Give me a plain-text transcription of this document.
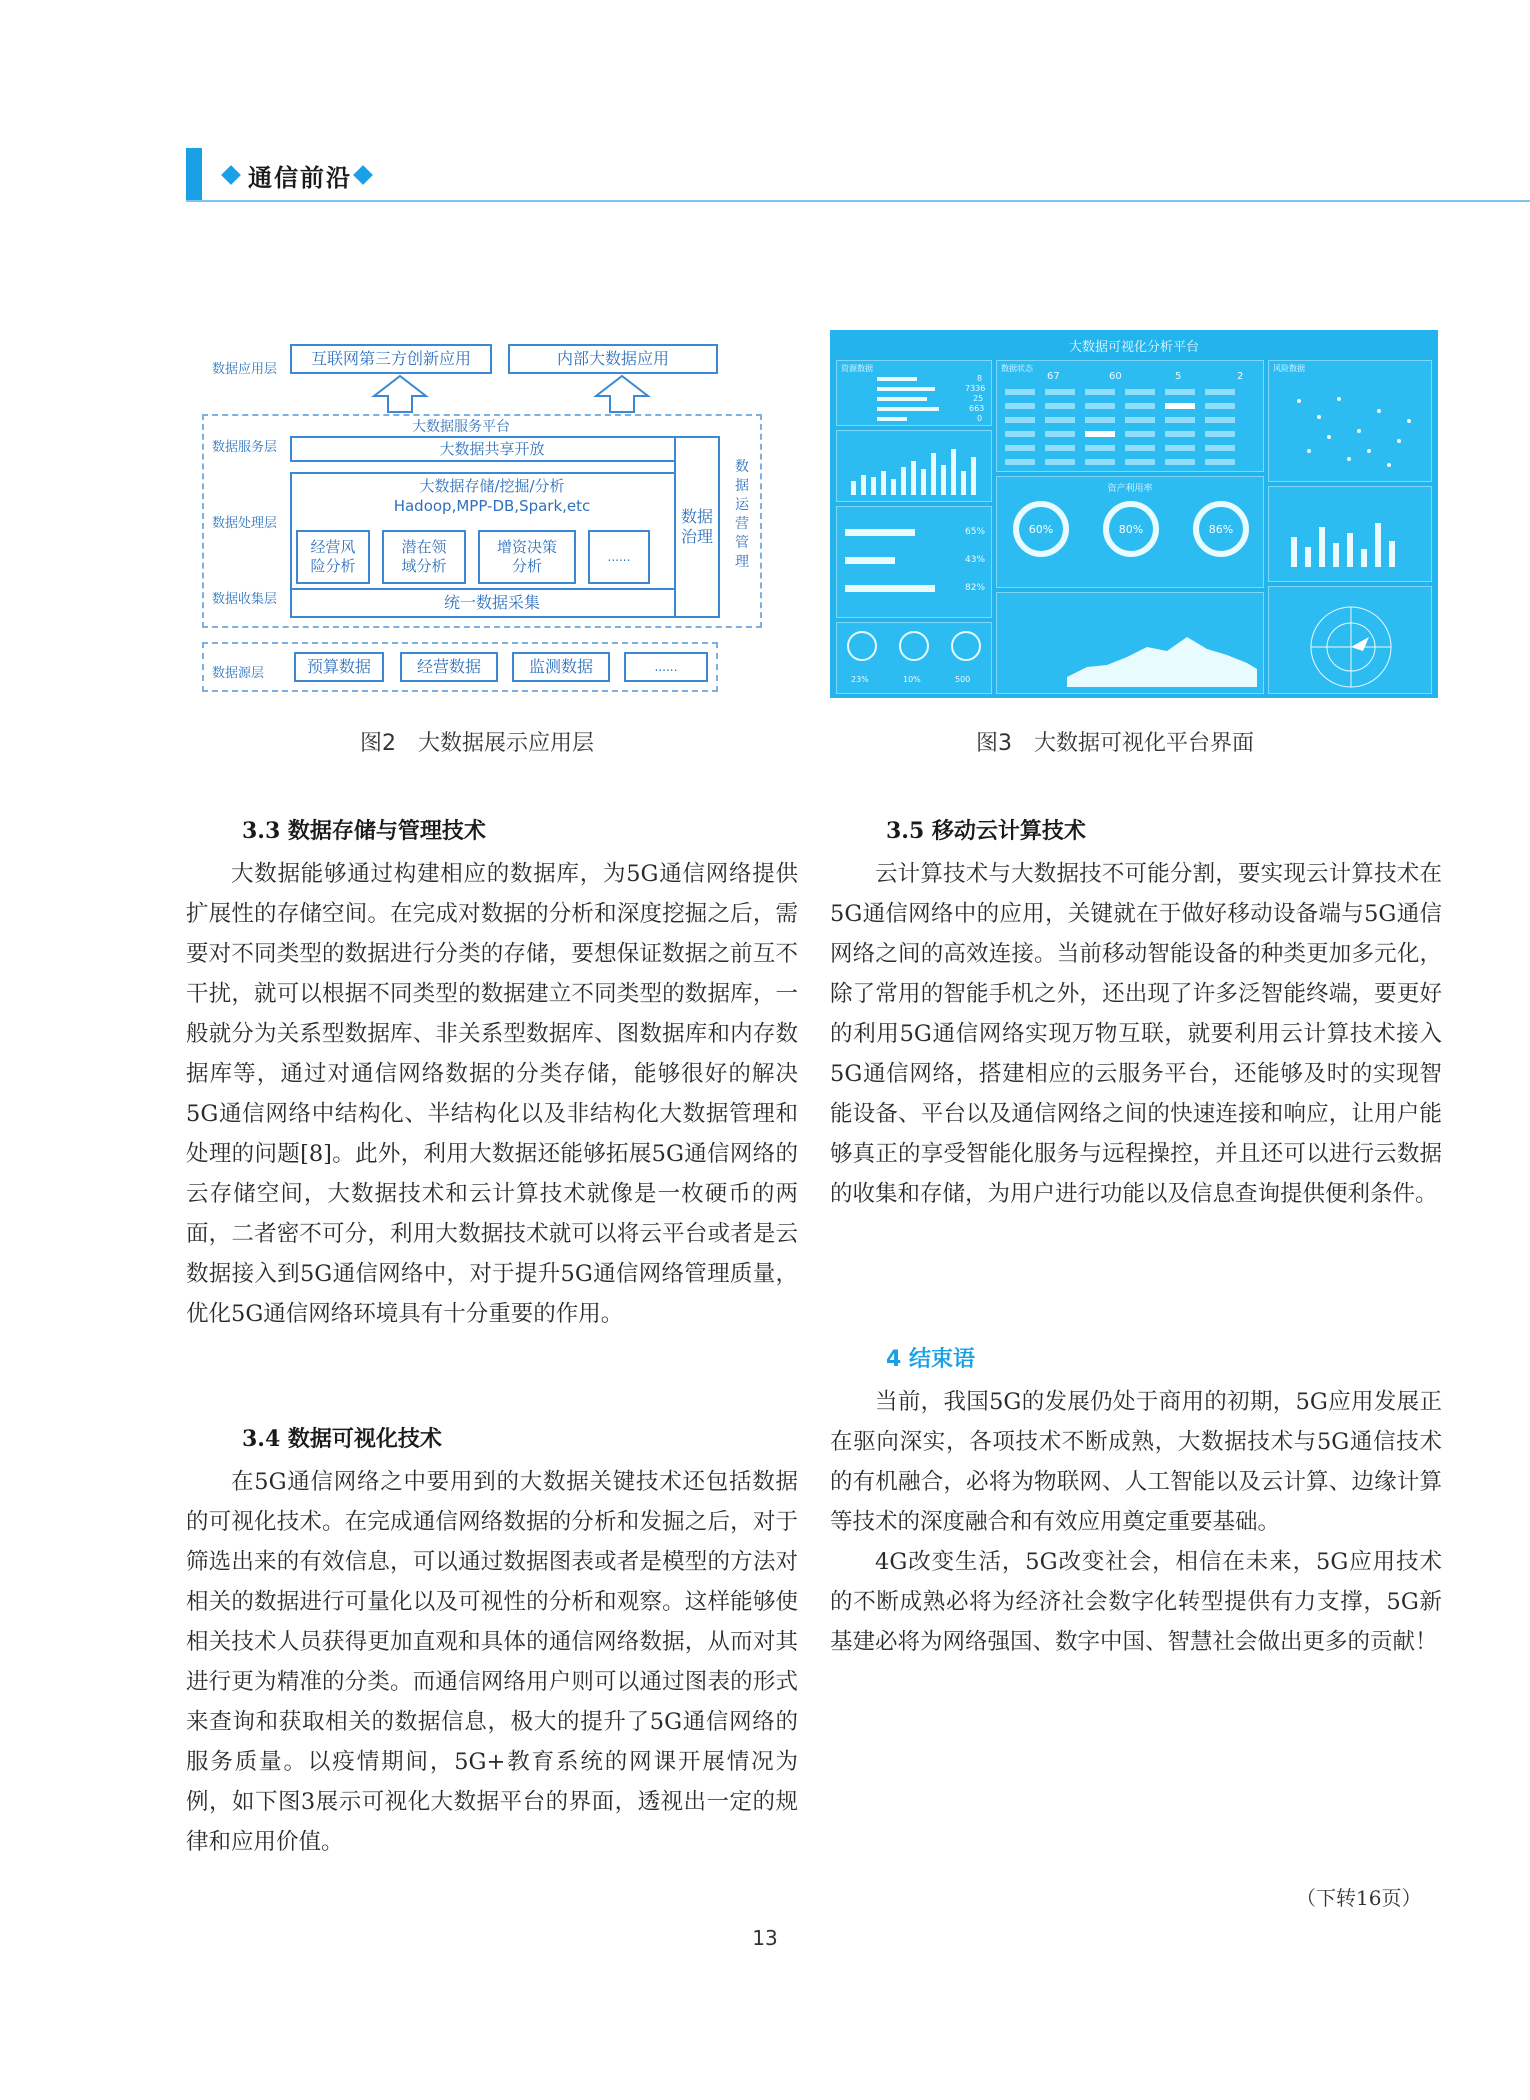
通信前沿
数据应用层
数据服务层
数据处理层
数据收集层
数据源层
互联网第三方创新应用	内部大数据应用
大数据服务平台
大数据共享开放
大数据存储/挖掘/分析
Hadoop,MPP-DB,Spark,etc
经营风
险分析
潜在领
域分析
增资决策
分析
......
统一数据采集
数据
治理
数
据
运
营
管
理
预算数据	经营数据	监测数据	......
图2　大数据展示应用层
大数据可视化分析平台
资源数据
8
7336
25
663
0
65%
43%
82%
23%	10%	500
数据状态
67	60	5	2
资产利用率
60%	80%	86%
风险数据
图3　大数据可视化平台界面
3.3 数据存储与管理技术

大数据能够通过构建相应的数据库，为5G通信网络提供扩展性的存储空间。在完成对数据的分析和深度挖掘之后，需要对不同类型的数据进行分类的存储，要想保证数据之前互不干扰，就可以根据不同类型的数据建立不同类型的数据库，一般就分为关系型数据库、非关系型数据库、图数据库和内存数据库等，通过对通信网络数据的分类存储，能够很好的解决5G通信网络中结构化、半结构化以及非结构化大数据管理和处理的问题[8]。此外，利用大数据还能够拓展5G通信网络的云存储空间，大数据技术和云计算技术就像是一枚硬币的两面，二者密不可分，利用大数据技术就可以将云平台或者是云数据接入到5G通信网络中，对于提升5G通信网络管理质量，优化5G通信网络环境具有十分重要的作用。

3.4 数据可视化技术

在5G通信网络之中要用到的大数据关键技术还包括数据的可视化技术。在完成通信网络数据的分析和发掘之后，对于筛选出来的有效信息，可以通过数据图表或者是模型的方法对相关的数据进行可量化以及可视性的分析和观察。这样能够使相关技术人员获得更加直观和具体的通信网络数据，从而对其进行更为精准的分类。而通信网络用户则可以通过图表的形式来查询和获取相关的数据信息，极大的提升了5G通信网络的服务质量。以疫情期间，5G+教育系统的网课开展情况为例，如下图3展示可视化大数据平台的界面，透视出一定的规律和应用价值。

3.5 移动云计算技术

云计算技术与大数据技不可能分割，要实现云计算技术在5G通信网络中的应用，关键就在于做好移动设备端与5G通信网络之间的高效连接。当前移动智能设备的种类更加多元化，除了常用的智能手机之外，还出现了许多泛智能终端，要更好的利用5G通信网络实现万物互联，就要利用云计算技术接入5G通信网络，搭建相应的云服务平台，还能够及时的实现智能设备、平台以及通信网络之间的快速连接和响应，让用户能够真正的享受智能化服务与远程操控，并且还可以进行云数据的收集和存储，为用户进行功能以及信息查询提供便利条件。

4 结束语

当前，我国5G的发展仍处于商用的初期，5G应用发展正在驱向深实，各项技术不断成熟，大数据技术与5G通信技术的有机融合，必将为物联网、人工智能以及云计算、边缘计算等技术的深度融合和有效应用奠定重要基础。

4G改变生活，5G改变社会，相信在未来，5G应用技术的不断成熟必将为经济社会数字化转型提供有力支撑，5G新基建必将为网络强国、数字中国、智慧社会做出更多的贡献！

（下转16页）
13
